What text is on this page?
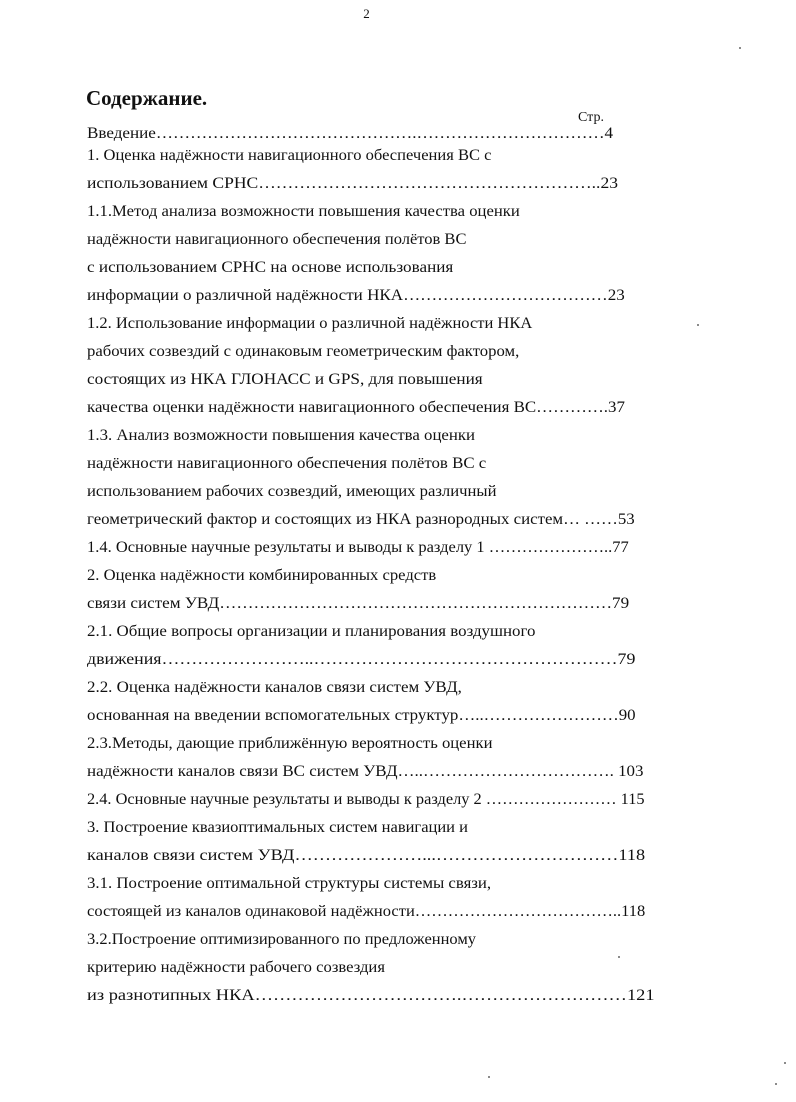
2
Содержание.
Стр.
Введение……………………………………….……………………………4
1. Оценка надёжности навигационного обеспечения ВС с
использованием СРНС…………………………………………………..23
1.1.Метод анализа возможности повышения качества оценки
надёжности навигационного обеспечения полётов ВС
с использованием СРНС на основе использования
информации о различной надёжности НКА………………………………23
1.2. Использование информации о различной надёжности НКА
рабочих созвездий с одинаковым геометрическим фактором,
состоящих из НКА ГЛОНАСС и GPS, для повышения
качества оценки надёжности навигационного обеспечения ВС………….37
1.3. Анализ возможности повышения качества оценки
надёжности навигационного обеспечения полётов ВС с
использованием рабочих созвездий, имеющих различный
геометрический фактор и состоящих из НКА разнородных систем… ……53
1.4. Основные научные результаты и выводы к разделу 1 …………………..77
2. Оценка надёжности комбинированных средств
связи систем УВД……………………………………………………………79
2.1. Общие вопросы организации и планирования воздушного
движения……………………..……………………………………………79
2.2. Оценка надёжности каналов связи систем УВД,
основанная на введении вспомогательных структур…..……………………90
2.3.Методы, дающие приближённую вероятность оценки
надёжности каналов связи ВС систем УВД…..……………………………. 103
2.4. Основные научные результаты и выводы к разделу 2 …………………… 115
3. Построение квазиоптимальных систем навигации и
каналов связи систем УВД…………………...…………………………118
3.1. Построение оптимальной структуры системы связи,
состоящей из каналов одинаковой надёжности………………………………..118
3.2.Построение оптимизированного по предложенному
критерию надёжности рабочего созвездия
из разнотипных НКА…………………………….………………………121
